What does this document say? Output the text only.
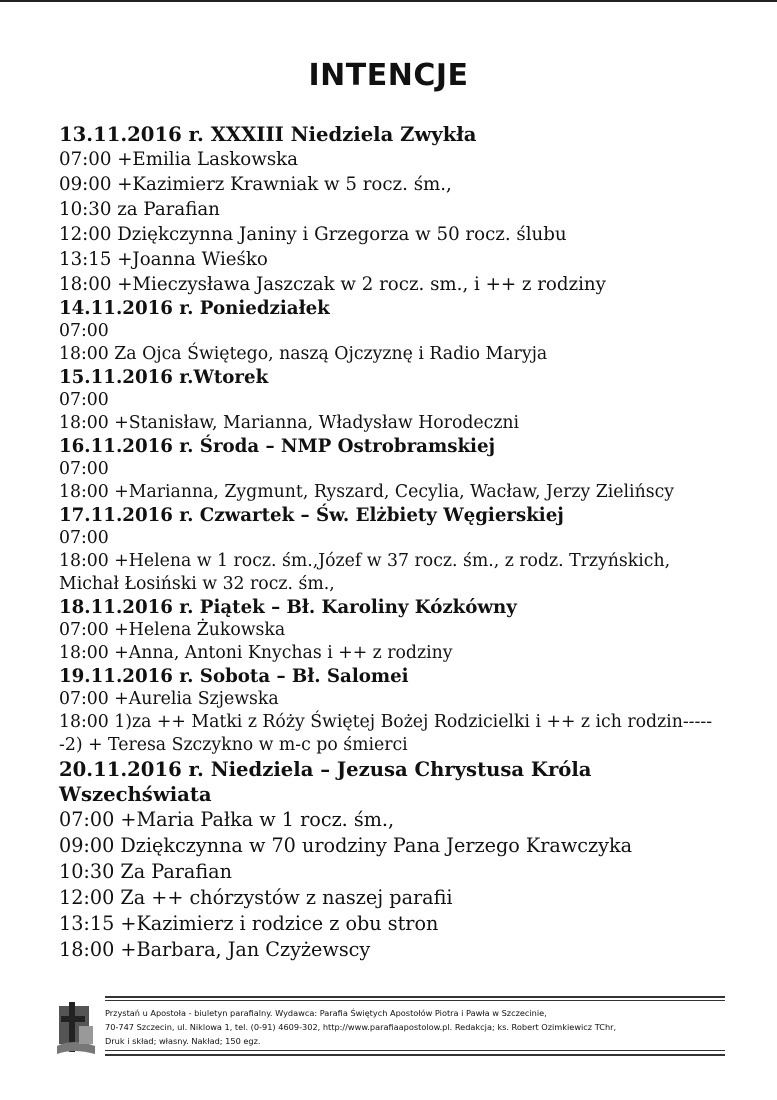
INTENCJE
13.11.2016 r. XXXIII Niedziela Zwykła
07:00 +Emilia Laskowska
09:00 +Kazimierz Krawniak w 5 rocz. śm.,
10:30 za Parafian
12:00 Dziękczynna Janiny i Grzegorza w 50 rocz. ślubu
13:15 +Joanna Wieśko
18:00 +Mieczysława Jaszczak w 2 rocz. sm., i ++ z rodziny
14.11.2016 r. Poniedziałek
07:00
18:00 Za Ojca Świętego, naszą Ojczyznę i Radio Maryja
15.11.2016 r.Wtorek
07:00
18:00 +Stanisław, Marianna, Władysław Horodeczni
16.11.2016 r. Środa – NMP Ostrobramskiej
07:00
18:00 +Marianna, Zygmunt, Ryszard, Cecylia, Wacław, Jerzy Zielińscy
17.11.2016 r. Czwartek – Św. Elżbiety Węgierskiej
07:00
18:00 +Helena w 1 rocz. śm.,Józef w 37 rocz. śm., z rodz. Trzyńskich,
Michał Łosiński w 32 rocz. śm.,
18.11.2016 r. Piątek – Bł. Karoliny Kózkówny
07:00 +Helena Żukowska
18:00 +Anna, Antoni Knychas i ++ z rodziny
19.11.2016 r. Sobota – Bł. Salomei
07:00 +Aurelia Szjewska
18:00 1)za ++ Matki z Róży Świętej Bożej Rodzicielki i ++ z ich rodzin-----
-2) + Teresa Szczykno w m-c po śmierci
20.11.2016 r. Niedziela – Jezusa Chrystusa Króla
Wszechświata
07:00 +Maria Pałka w 1 rocz. śm.,
09:00 Dziękczynna w 70 urodziny Pana Jerzego Krawczyka
10:30 Za Parafian
12:00 Za ++ chórzystów z naszej parafii
13:15 +Kazimierz i rodzice z obu stron
18:00 +Barbara, Jan Czyżewscy
Przystań u Apostoła - biuletyn parafialny. Wydawca: Parafia Świętych Apostołów Piotra i Pawła w Szczecinie,
70-747 Szczecin, ul. Niklowa 1, tel. (0-91) 4609-302, http://www.parafiaapostolow.pl. Redakcja; ks. Robert Ozimkiewicz TChr,
Druk i skład; własny. Nakład; 150 egz.
